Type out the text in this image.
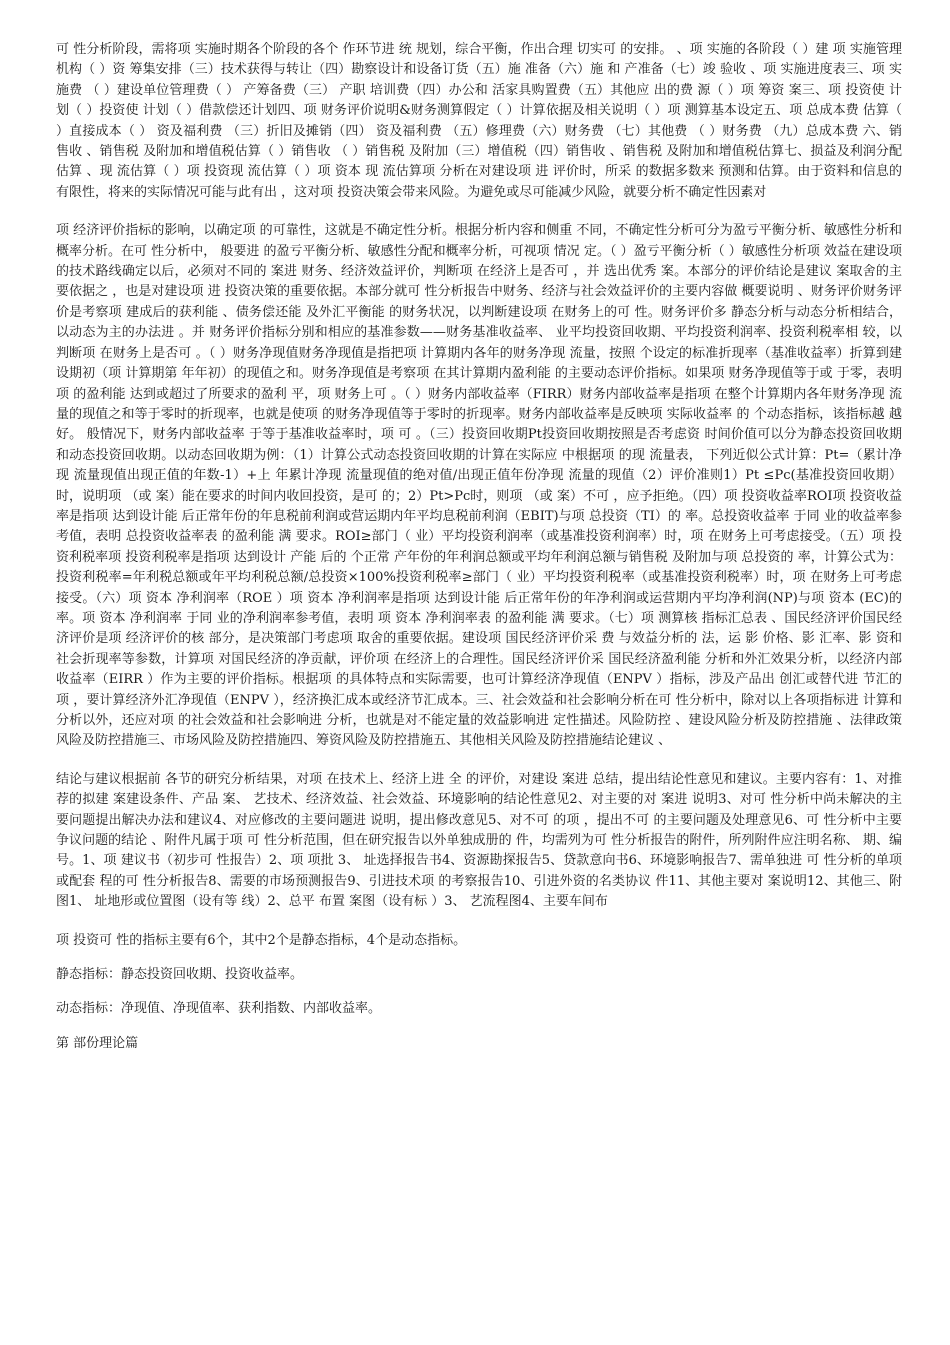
可 性分析阶段，需将项 实施时期各个阶段的各个 作环节进 统 规划，综合平衡，作出合理 切实可 的安排。 、项 实施的各阶段（ ）建 项 实施管理机构（ ）资 筹集安排（三）技术获得与转让（四）勘察设计和设备订货（五）施 准备（六）施 和 产准备（七）竣 验收 、项 实施进度表三、项 实施费 （ ）建设单位管理费（ ） 产筹备费（三） 产职 培训费（四）办公和 活家具购置费（五）其他应 出的费 源（ ）项 筹资 案三、项 投资使 计划（ ）投资使 计划（ ）借款偿还计划四、项 财务评价说明&财务测算假定（ ）计算依据及相关说明（ ）项 测算基本设定五、项 总成本费 估算（ ）直接成本（ ） 资及福利费 （三）折旧及摊销（四） 资及福利费 （五）修理费（六）财务费 （七）其他费 （ ）财务费 （九）总成本费 六、销售收 、销售税 及附加和增值税估算（ ）销售收 （ ）销售税 及附加（三）增值税（四）销售收 、销售税 及附加和增值税估算七、损益及利润分配估算 、现 流估算（ ）项 投资现 流估算（ ）项 资本 现 流估算项 分析在对建设项 进 评价时，所采 的数据多数来 预测和估算。由于资料和信息的有限性，将来的实际情况可能与此有出 ，这对项 投资决策会带来风险。为避免或尽可能减少风险，就要分析不确定性因素对

项 经济评价指标的影响，以确定项 的可靠性，这就是不确定性分析。根据分析内容和侧重 不同，不确定性分析可分为盈亏平衡分析、敏感性分析和概率分析。在可 性分析中， 般要进 的盈亏平衡分析、敏感性分配和概率分析，可视项 情况 定。（ ）盈亏平衡分析（ ）敏感性分析项 效益在建设项 的技术路线确定以后，必须对不同的 案进 财务、经济效益评价，判断项 在经济上是否可 ，并 选出优秀 案。本部分的评价结论是建议 案取舍的主要依据之 ，也是对建设项 进 投资决策的重要依据。本部分就可 性分析报告中财务、经济与社会效益评价的主要内容做 概要说明 、财务评价财务评价是考察项 建成后的获利能 、债务偿还能 及外汇平衡能 的财务状况，以判断建设项 在财务上的可 性。财务评价多 静态分析与动态分析相结合，以动态为主的办法进 。并 财务评价指标分别和相应的基准参数——财务基准收益率、 业平均投资回收期、平均投资利润率、投资利税率相 较，以判断项 在财务上是否可 。（ ）财务净现值财务净现值是指把项 计算期内各年的财务净现 流量，按照 个设定的标准折现率（基准收益率）折算到建设期初（项 计算期第 年年初）的现值之和。财务净现值是考察项 在其计算期内盈利能 的主要动态评价指标。如果项 财务净现值等于或 于零，表明项 的盈利能 达到或超过了所要求的盈利 平，项 财务上可 。（ ）财务内部收益率（FIRR）财务内部收益率是指项 在整个计算期内各年财务净现 流量的现值之和等于零时的折现率，也就是使项 的财务净现值等于零时的折现率。财务内部收益率是反映项 实际收益率 的 个动态指标，该指标越 越好。 般情况下，财务内部收益率 于等于基准收益率时，项 可 。（三）投资回收期Pt投资回收期按照是否考虑资 时间价值可以分为静态投资回收期和动态投资回收期。以动态回收期为例：（1）计算公式动态投资回收期的计算在实际应 中根据项 的现 流量表， 下列近似公式计算：Pt=（累计净现 流量现值出现正值的年数-1）+上 年累计净现 流量现值的绝对值/出现正值年份净现 流量的现值（2）评价准则1）Pt ≤Pc(基准投资回收期）时，说明项 （或 案）能在要求的时间内收回投资，是可 的；2）Pt>Pc时，则项 （或 案）不可 ，应予拒绝。（四）项 投资收益率ROI项 投资收益率是指项 达到设计能 后正常年份的年息税前利润或营运期内年平均息税前利润（EBIT)与项 总投资（TI）的 率。总投资收益率 于同 业的收益率参考值，表明 总投资收益率表 的盈利能 满 要求。ROI≥部门（ 业）平均投资利润率（或基准投资利润率）时，项 在财务上可考虑接受。（五）项 投资利税率项 投资利税率是指项 达到设计 产能 后的 个正常 产年份的年利润总额或平均年利润总额与销售税 及附加与项 总投资的 率，计算公式为：投资利税率=年利税总额或年平均利税总额/总投资×100%投资利税率≥部门（ 业）平均投资利税率（或基准投资利税率）时，项 在财务上可考虑接受。（六）项 资本 净利润率（ROE ）项 资本 净利润率是指项 达到设计能 后正常年份的年净利润或运营期内平均净利润(NP)与项 资本 (EC)的 率。项 资本 净利润率 于同 业的净利润率参考值，表明 项 资本 净利润率表 的盈利能 满 要求。（七）项 测算核 指标汇总表 、国民经济评价国民经济评价是项 经济评价的核 部分，是决策部门考虑项 取舍的重要依据。建设项 国民经济评价采 费 与效益分析的 法，运 影 价格、影 汇率、影 资和社会折现率等参数，计算项 对国民经济的净贡献，评价项 在经济上的合理性。国民经济评价采 国民经济盈利能 分析和外汇效果分析，以经济内部收益率（EIRR ）作为主要的评价指标。根据项 的具体特点和实际需要，也可计算经济净现值（ENPV ）指标，涉及产品出 创汇或替代进 节汇的项 ，要计算经济外汇净现值（ENPV ），经济换汇成本或经济节汇成本。三、社会效益和社会影响分析在可 性分析中，除对以上各项指标进 计算和分析以外，还应对项 的社会效益和社会影响进 分析，也就是对不能定量的效益影响进 定性描述。风险防控 、建设风险分析及防控措施 、法律政策风险及防控措施三、市场风险及防控措施四、筹资风险及防控措施五、其他相关风险及防控措施结论建议 、

结论与建议根据前 各节的研究分析结果，对项 在技术上、经济上进 全 的评价，对建设 案进 总结，提出结论性意见和建议。主要内容有：1、对推荐的拟建 案建设条件、产品 案、 艺技术、经济效益、社会效益、环境影响的结论性意见2、对主要的对 案进 说明3、对可 性分析中尚未解决的主要问题提出解决办法和建议4、对应修改的主要问题进 说明，提出修改意见5、对不可 的项 ，提出不可 的主要问题及处理意见6、可 性分析中主要争议问题的结论 、附件凡属于项 可 性分析范围，但在研究报告以外单独成册的 件，均需列为可 性分析报告的附件，所列附件应注明名称、 期、编号。1、项 建议书（初步可 性报告）2、项 项批 3、 址选择报告书4、资源勘探报告5、贷款意向书6、环境影响报告7、需单独进 可 性分析的单项或配套 程的可 性分析报告8、需要的市场预测报告9、引进技术项 的考察报告10、引进外资的名类协议 件11、其他主要对 案说明12、其他三、附图1、 址地形或位置图（设有等 线）2、总平 布置 案图（设有标 ）3、 艺流程图4、主要车间布

项 投资可 性的指标主要有6个，其中2个是静态指标，4个是动态指标。

静态指标：静态投资回收期、投资收益率。

动态指标：净现值、净现值率、获利指数、内部收益率。

第 部份理论篇
